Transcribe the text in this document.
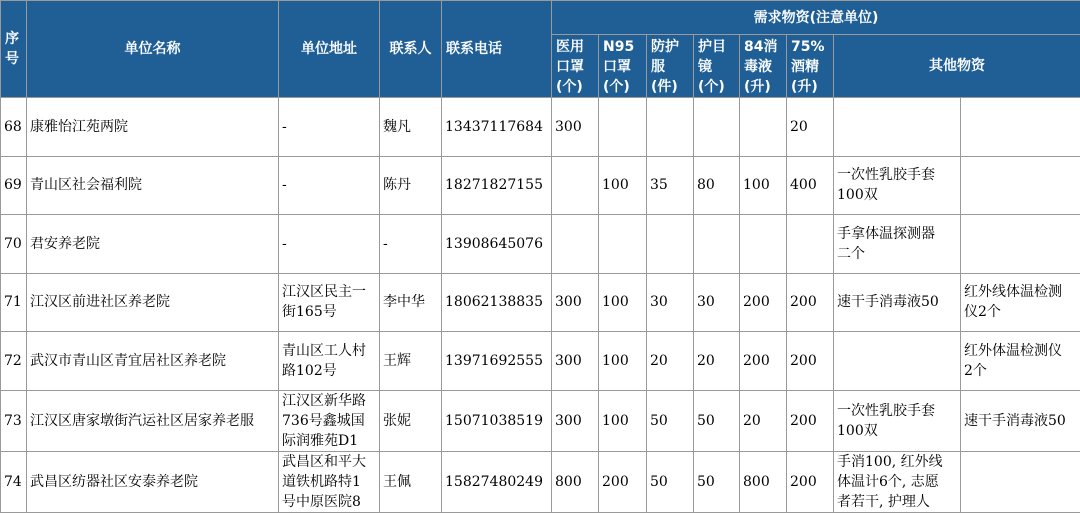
序
号	单位名称	单位地址	联系人	联系电话	需求物资(注意单位)							
					医用
口罩
(个)	N95
口罩
(个)	防护
服
(件)	护目
镜
(个)	84消
毒液
(升)	75%
酒精
(升)	其他物资	
68	康雅怡江苑两院	-	魏凡	13437117684	300					20		
69	青山区社会福利院	-	陈丹	18271827155		100	35	80	100	400	一次性乳胶手套
100双	
70	君安养老院	-	-	13908645076							手拿体温探测器
二个	
71	江汉区前进社区养老院	江汉区民主一
街165号	李中华	18062138835	300	100	30	30	200	200	速干手消毒液50	红外线体温检测
仪2个
72	武汉市青山区青宜居社区养老院	青山区工人村
路102号	王辉	13971692555	300	100	20	20	200	200		红外体温检测仪
2个
73	江汉区唐家墩街汽运社区居家养老服	江汉区新华路
736号鑫城国
际润雅苑D1	张妮	15071038519	300	100	50	50	20	200	一次性乳胶手套
100双	速干手消毒液50
74	武昌区纺器社区安泰养老院	武昌区和平大
道铁机路特1
号中原医院8	王佩	15827480249	800	200	50	50	800	200	手消100, 红外线
体温计6个, 志愿
者若干, 护理人	
